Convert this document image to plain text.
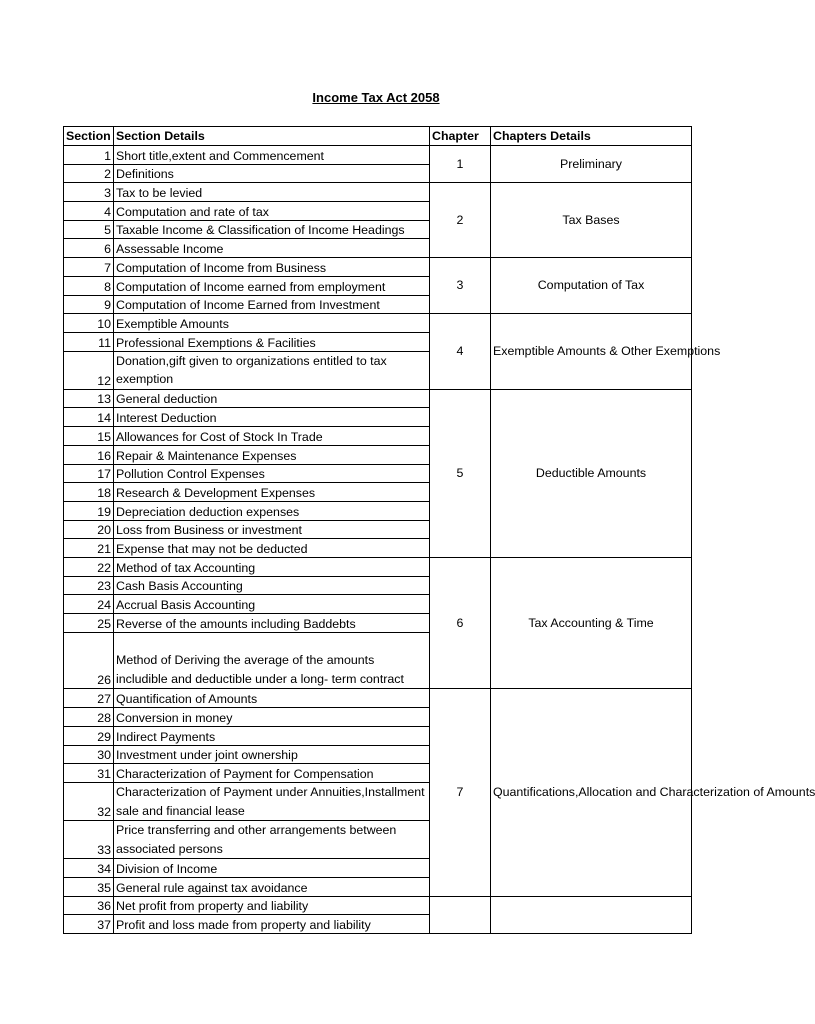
Income Tax Act 2058
Section	Section Details	Chapter	Chapters Details
1	Short title,extent and Commencement	1	Preliminary
2	Definitions		
3	Tax to be levied	2	Tax Bases
4	Computation and rate of tax		
5	Taxable Income & Classification of Income Headings		
6	Assessable Income		
7	Computation of Income from Business	3	Computation of Tax
8	Computation of Income earned from employment		
9	Computation of Income Earned from Investment		
10	Exemptible Amounts	4	Exemptible Amounts & Other Exemptions
11	Professional Exemptions & Facilities		
12	Donation,gift given to organizations entitled to tax exemption		
13	General deduction	5	Deductible Amounts
14	Interest Deduction		
15	Allowances for Cost of Stock In Trade		
16	Repair & Maintenance Expenses		
17	Pollution Control Expenses		
18	Research & Development Expenses		
19	Depreciation deduction expenses		
20	Loss from Business or investment		
21	Expense that may not be deducted		
22	Method of tax Accounting	6	Tax Accounting & Time
23	Cash Basis Accounting		
24	Accrual Basis Accounting		
25	Reverse of the amounts including Baddebts		
26	Method of Deriving the average of the amounts includible and deductible under a long- term contract		
27	Quantification of Amounts	7	Quantifications,Allocation and Characterization of Amounts
28	Conversion in money		
29	Indirect Payments		
30	Investment under joint ownership		
31	Characterization of Payment for Compensation		
32	Characterization of Payment under Annuities,Installment sale and financial lease		
33	Price transferring and other arrangements between associated persons		
34	Division of Income		
35	General rule against tax avoidance		
36	Net profit from property and liability		
37	Profit and loss made from property and liability		
